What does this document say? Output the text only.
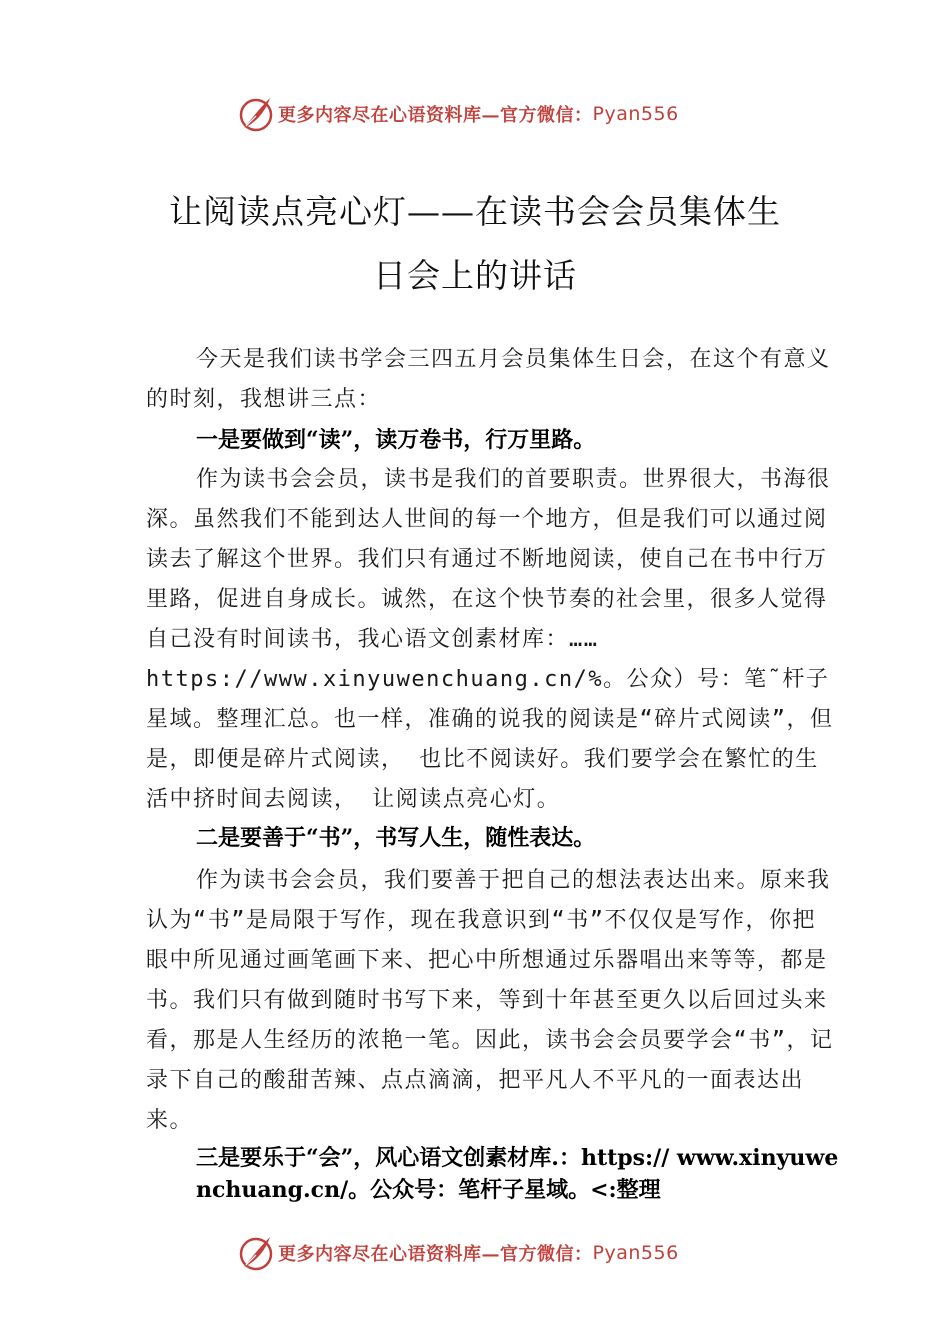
更多内容尽在心语资料库—官方微信： Pyan556
让阅读点亮心灯——在读书会会员集体生
日会上的讲话

今天是我们读书学会三四五月会员集体生日会，在这个有意义的时刻，我想讲三点：

一是要做到“读”，读万卷书，行万里路。

作为读书会会员，读书是我们的首要职责。世界很大，书海很深。虽然我们不能到达人世间的每一个地方，但是我们可以通过阅读去了解这个世界。我们只有通过不断地阅读，使自己在书中行万里路，促进自身成长。诚然，在这个快节奏的社会里，很多人觉得自己没有时间读书，我心语文创素材库：……https://www.xinyuwenchuang.cn/%。公众）号：笔˜杆子星域。整理汇总。也一样，准确的说我的阅读是“碎片式阅读”，但是，即便是碎片式阅读， 也比不阅读好。我们要学会在繁忙的生活中挤时间去阅读， 让阅读点亮心灯。

二是要善于“书”，书写人生，随性表达。

作为读书会会员，我们要善于把自己的想法表达出来。原来我认为“书”是局限于写作，现在我意识到“书”不仅仅是写作，你把眼中所见通过画笔画下来、把心中所想通过乐器唱出来等等，都是书。我们只有做到随时书写下来，等到十年甚至更久以后回过头来看，那是人生经历的浓艳一笔。因此，读书会会员要学会“书”，记录下自己的酸甜苦辣、点点滴滴，把平凡人不平凡的一面表达出来。

三是要乐于“会”，风心语文创素材库.：https:// www.xinyuwenchuang.cn/。公众号：笔杆子星域。<:整理

更多内容尽在心语资料库—官方微信： Pyan556
